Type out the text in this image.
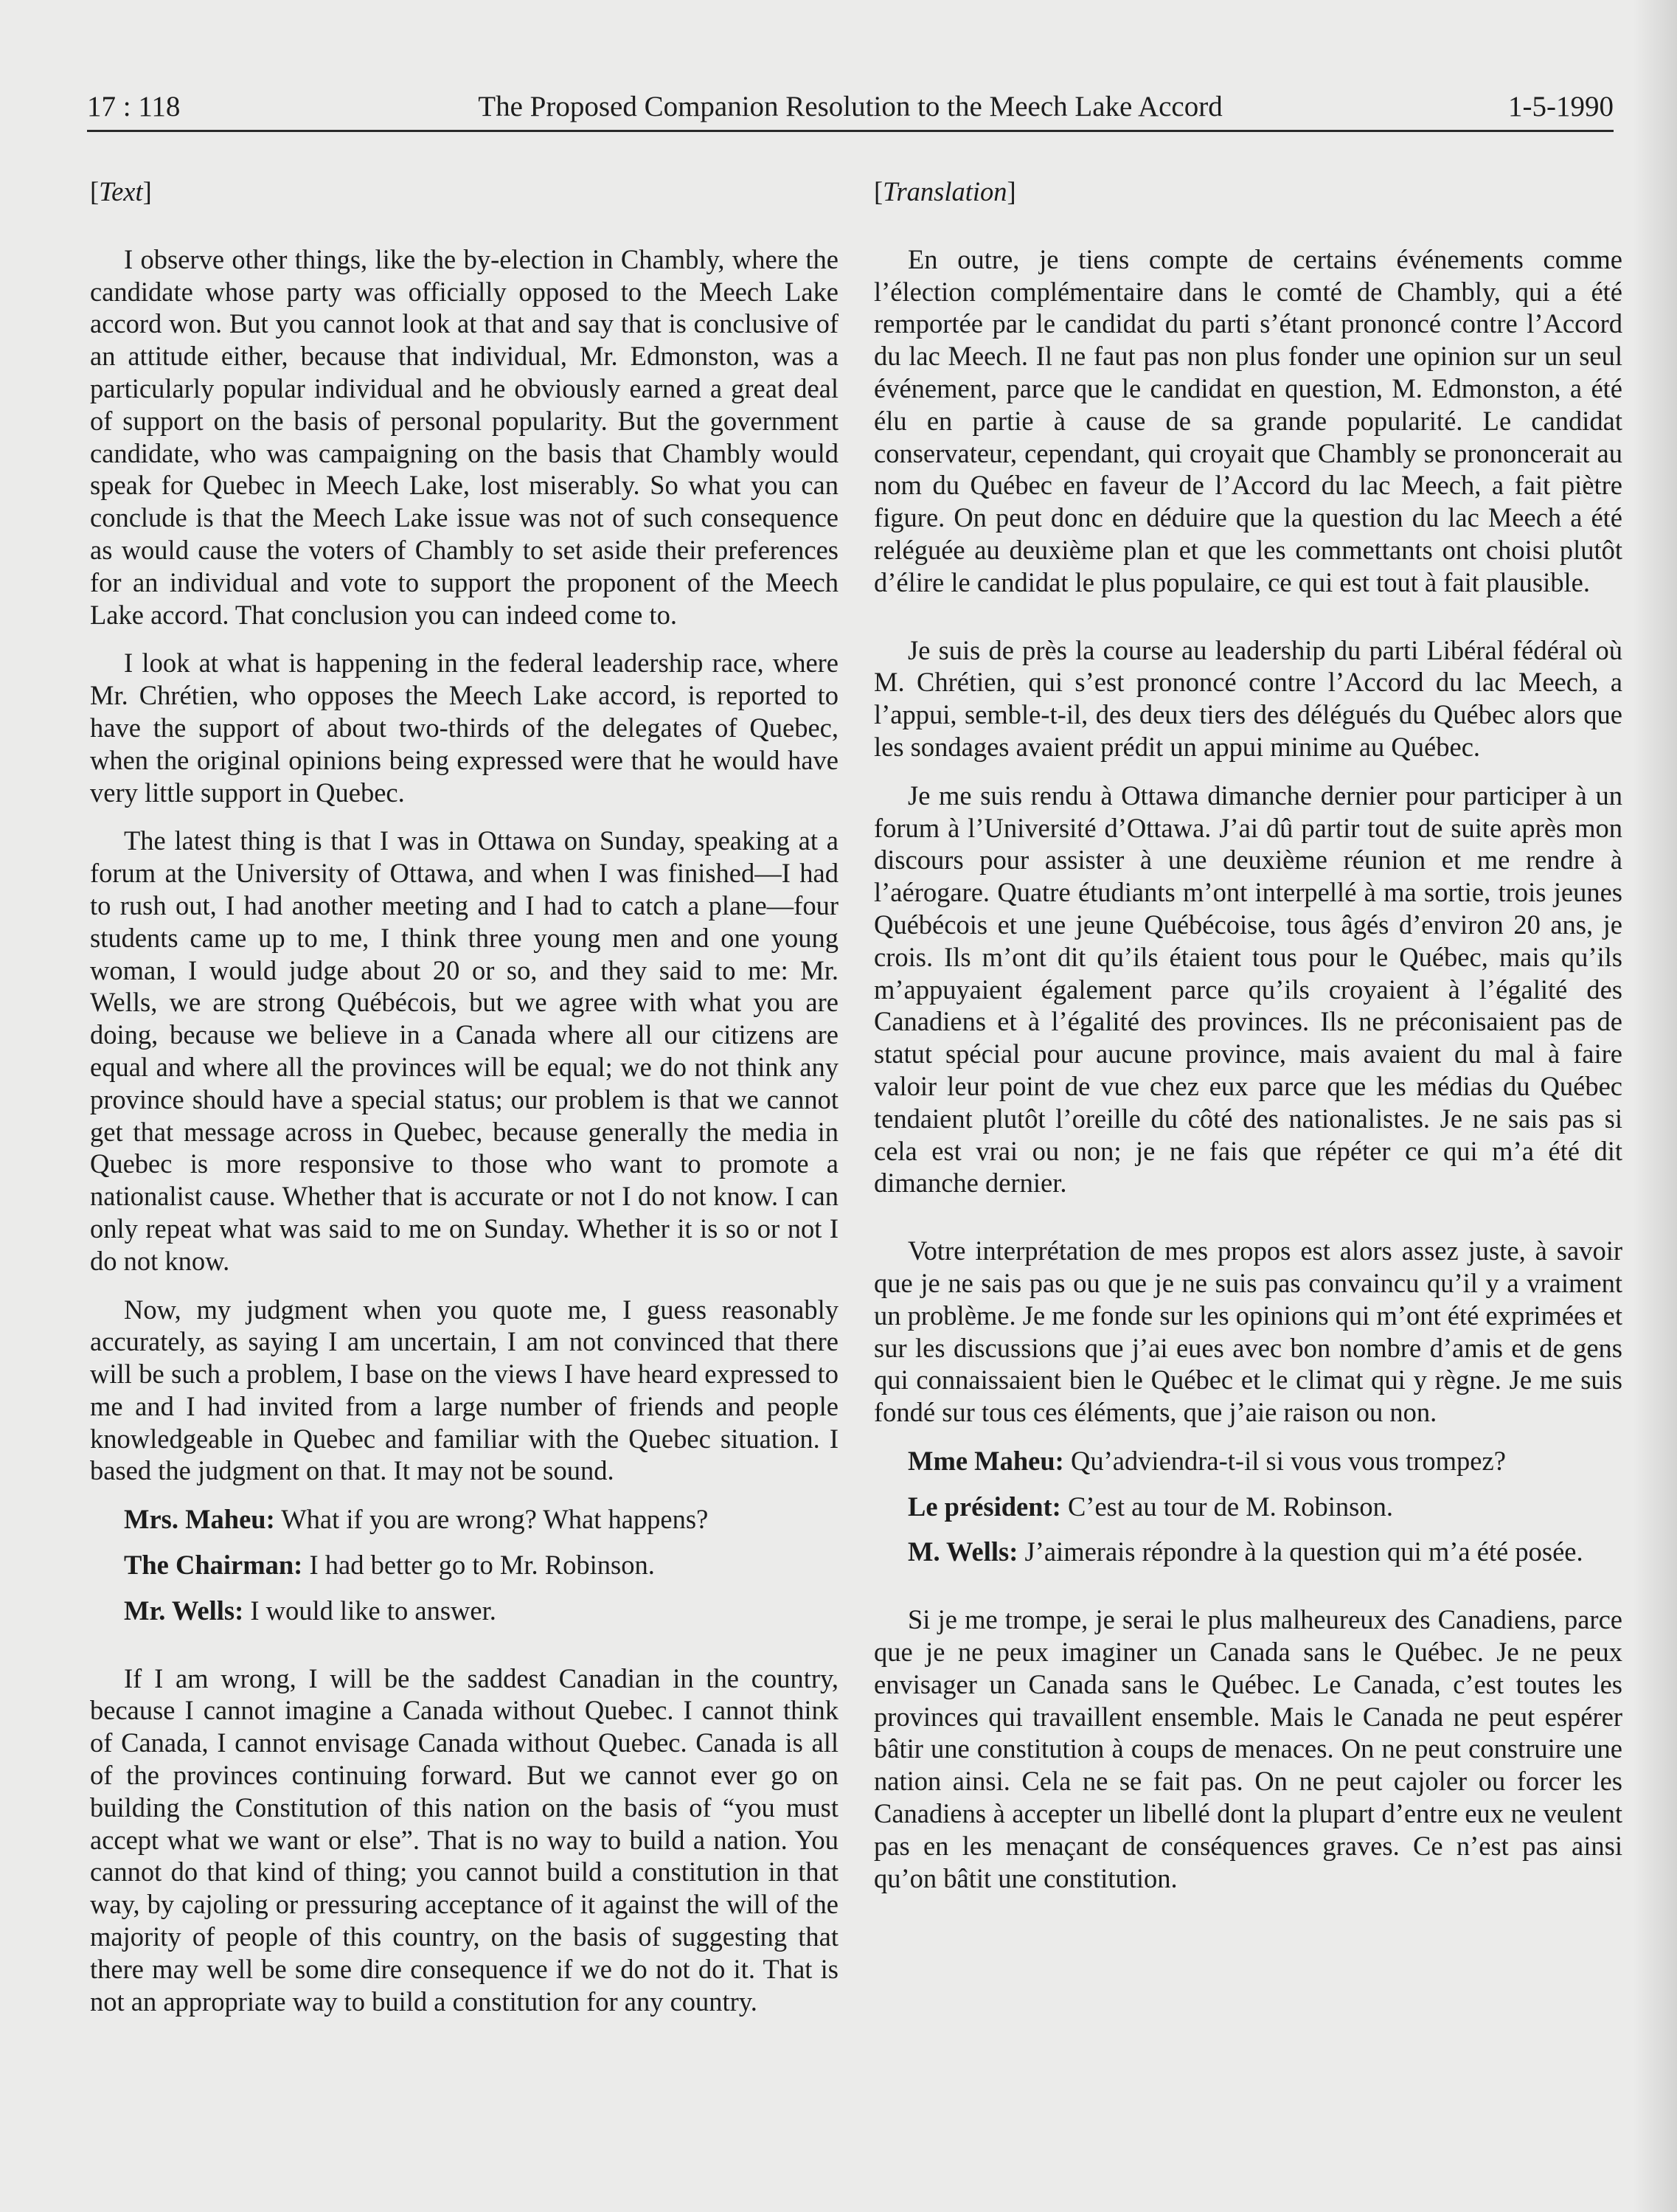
17 : 118	The Proposed Companion Resolution to the Meech Lake Accord	1-5-1990
[Text]

I observe other things, like the by-election in Chambly, where the candidate whose party was officially opposed to the Meech Lake accord won. But you cannot look at that and say that is conclusive of an attitude either, because that individual, Mr. Edmonston, was a particularly popular individual and he obviously earned a great deal of support on the basis of personal popularity. But the government candidate, who was campaigning on the basis that Chambly would speak for Quebec in Meech Lake, lost miserably. So what you can conclude is that the Meech Lake issue was not of such consequence as would cause the voters of Chambly to set aside their preferences for an individual and vote to support the proponent of the Meech Lake accord. That conclusion you can indeed come to.

I look at what is happening in the federal leadership race, where Mr. Chrétien, who opposes the Meech Lake accord, is reported to have the support of about two-thirds of the delegates of Quebec, when the original opinions being expressed were that he would have very little support in Quebec.

The latest thing is that I was in Ottawa on Sunday, speaking at a forum at the University of Ottawa, and when I was finished—I had to rush out, I had another meeting and I had to catch a plane—four students came up to me, I think three young men and one young woman, I would judge about 20 or so, and they said to me: Mr. Wells, we are strong Québécois, but we agree with what you are doing, because we believe in a Canada where all our citizens are equal and where all the provinces will be equal; we do not think any province should have a special status; our problem is that we cannot get that message across in Quebec, because generally the media in Quebec is more responsive to those who want to promote a nationalist cause. Whether that is accurate or not I do not know. I can only repeat what was said to me on Sunday. Whether it is so or not I do not know.

Now, my judgment when you quote me, I guess reasonably accurately, as saying I am uncertain, I am not convinced that there will be such a problem, I base on the views I have heard expressed to me and I had invited from a large number of friends and people knowledgeable in Quebec and familiar with the Quebec situation. I based the judgment on that. It may not be sound.

Mrs. Maheu: What if you are wrong? What happens?

The Chairman: I had better go to Mr. Robinson.

Mr. Wells: I would like to answer.

If I am wrong, I will be the saddest Canadian in the country, because I cannot imagine a Canada without Quebec. I cannot think of Canada, I cannot envisage Canada without Quebec. Canada is all of the provinces continuing forward. But we cannot ever go on building the Constitution of this nation on the basis of “you must accept what we want or else”. That is no way to build a nation. You cannot do that kind of thing; you cannot build a constitution in that way, by cajoling or pressuring acceptance of it against the will of the majority of people of this country, on the basis of suggesting that there may well be some dire consequence if we do not do it. That is not an appropriate way to build a constitution for any country.

[Translation]

En outre, je tiens compte de certains événements comme l’élection complémentaire dans le comté de Chambly, qui a été remportée par le candidat du parti s’étant prononcé contre l’Accord du lac Meech. Il ne faut pas non plus fonder une opinion sur un seul événement, parce que le candidat en question, M. Edmonston, a été élu en partie à cause de sa grande popularité. Le candidat conservateur, cependant, qui croyait que Chambly se prononcerait au nom du Québec en faveur de l’Accord du lac Meech, a fait piètre figure. On peut donc en déduire que la question du lac Meech a été reléguée au deuxième plan et que les commettants ont choisi plutôt d’élire le candidat le plus populaire, ce qui est tout à fait plausible.

Je suis de près la course au leadership du parti Libéral fédéral où M. Chrétien, qui s’est prononcé contre l’Accord du lac Meech, a l’appui, semble-t-il, des deux tiers des délégués du Québec alors que les sondages avaient prédit un appui minime au Québec.

Je me suis rendu à Ottawa dimanche dernier pour participer à un forum à l’Université d’Ottawa. J’ai dû partir tout de suite après mon discours pour assister à une deuxième réunion et me rendre à l’aérogare. Quatre étudiants m’ont interpellé à ma sortie, trois jeunes Québécois et une jeune Québécoise, tous âgés d’environ 20 ans, je crois. Ils m’ont dit qu’ils étaient tous pour le Québec, mais qu’ils m’appuyaient également parce qu’ils croyaient à l’égalité des Canadiens et à l’égalité des provinces. Ils ne préconisaient pas de statut spécial pour aucune province, mais avaient du mal à faire valoir leur point de vue chez eux parce que les médias du Québec tendaient plutôt l’oreille du côté des nationalistes. Je ne sais pas si cela est vrai ou non; je ne fais que répéter ce qui m’a été dit dimanche dernier.

Votre interprétation de mes propos est alors assez juste, à savoir que je ne sais pas ou que je ne suis pas convaincu qu’il y a vraiment un problème. Je me fonde sur les opinions qui m’ont été exprimées et sur les discussions que j’ai eues avec bon nombre d’amis et de gens qui connaissaient bien le Québec et le climat qui y règne. Je me suis fondé sur tous ces éléments, que j’aie raison ou non.

Mme Maheu: Qu’adviendra-t-il si vous vous trompez?

Le président: C’est au tour de M. Robinson.

M. Wells: J’aimerais répondre à la question qui m’a été posée.

Si je me trompe, je serai le plus malheureux des Canadiens, parce que je ne peux imaginer un Canada sans le Québec. Je ne peux envisager un Canada sans le Québec. Le Canada, c’est toutes les provinces qui travaillent ensemble. Mais le Canada ne peut espérer bâtir une constitution à coups de menaces. On ne peut construire une nation ainsi. Cela ne se fait pas. On ne peut cajoler ou forcer les Canadiens à accepter un libellé dont la plupart d’entre eux ne veulent pas en les menaçant de conséquences graves. Ce n’est pas ainsi qu’on bâtit une constitution.
